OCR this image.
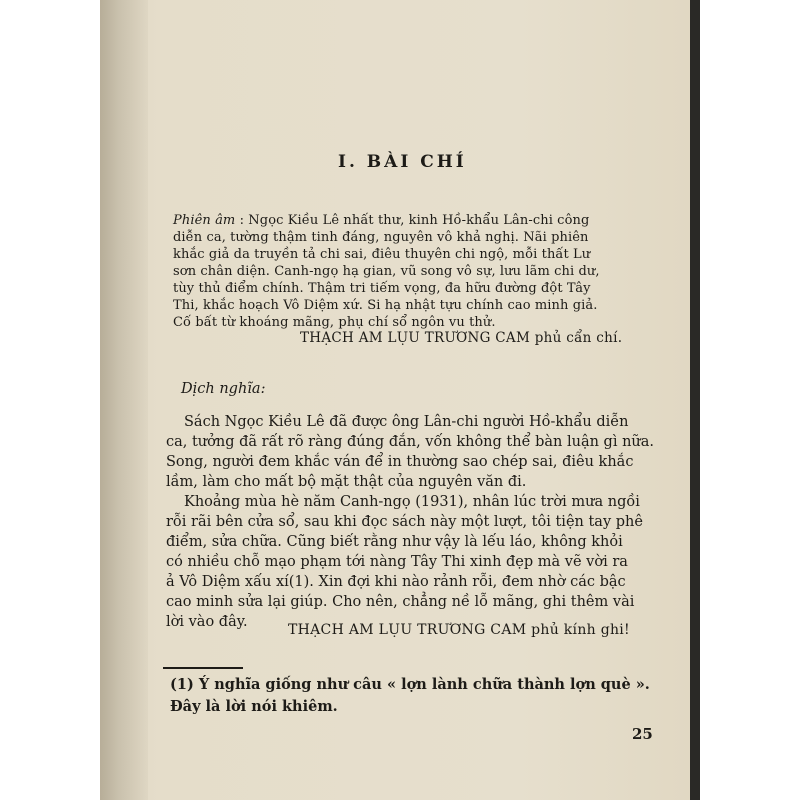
I. BÀI CHÍ
Phiên âm : Ngọc Kiều Lê nhất thư, kinh Hồ-khẩu Lân-chi công
diễn ca, tường thậm tinh đáng, nguyên vô khả nghị. Nãi phiên
khắc giả da truyền tả chi sai, điêu thuyên chi ngộ, mỗi thất Lư
sơn chân diện. Canh-ngọ hạ gian, vũ song vô sự, lưu lãm chi dư,
tùy thủ điểm chính. Thậm tri tiếm vọng, đa hữu đường đột Tây
Thi, khắc hoạch Vô Diệm xứ. Si hạ nhật tựu chính cao minh giả.
Cố bất từ khoáng mãng, phụ chí sổ ngôn vu thử.
THẠCH AM LỤU TRƯƠNG CAM phủ cẩn chí.
Dịch nghĩa:
Sách Ngọc Kiều Lê đã được ông Lân-chi người Hồ-khẩu diễn
ca, tưởng đã rất rõ ràng đúng đắn, vốn không thể bàn luận gì nữa.
Song, người đem khắc ván để in thường sao chép sai, điêu khắc
lầm, làm cho mất bộ mặt thật của nguyên văn đi.
Khoảng mùa hè năm Canh-ngọ (1931), nhân lúc trời mưa ngồi
rỗi rãi bên cửa sổ, sau khi đọc sách này một lượt, tôi tiện tay phê
điểm, sửa chữa. Cũng biết rằng như vậy là lếu láo, không khỏi
có nhiều chỗ mạo phạm tới nàng Tây Thi xinh đẹp mà vẽ vời ra
ả Vô Diệm xấu xí(1). Xin đợi khi nào rảnh rỗi, đem nhờ các bậc
cao minh sửa lại giúp. Cho nên, chẳng nề lỗ mãng, ghi thêm vài
lời vào đây.	THẠCH AM LỤU TRƯƠNG CAM phủ kính ghi!
(1) Ý nghĩa giống như câu « lợn lành chữa thành lợn què ».
Đây là lời nói khiêm.
25
